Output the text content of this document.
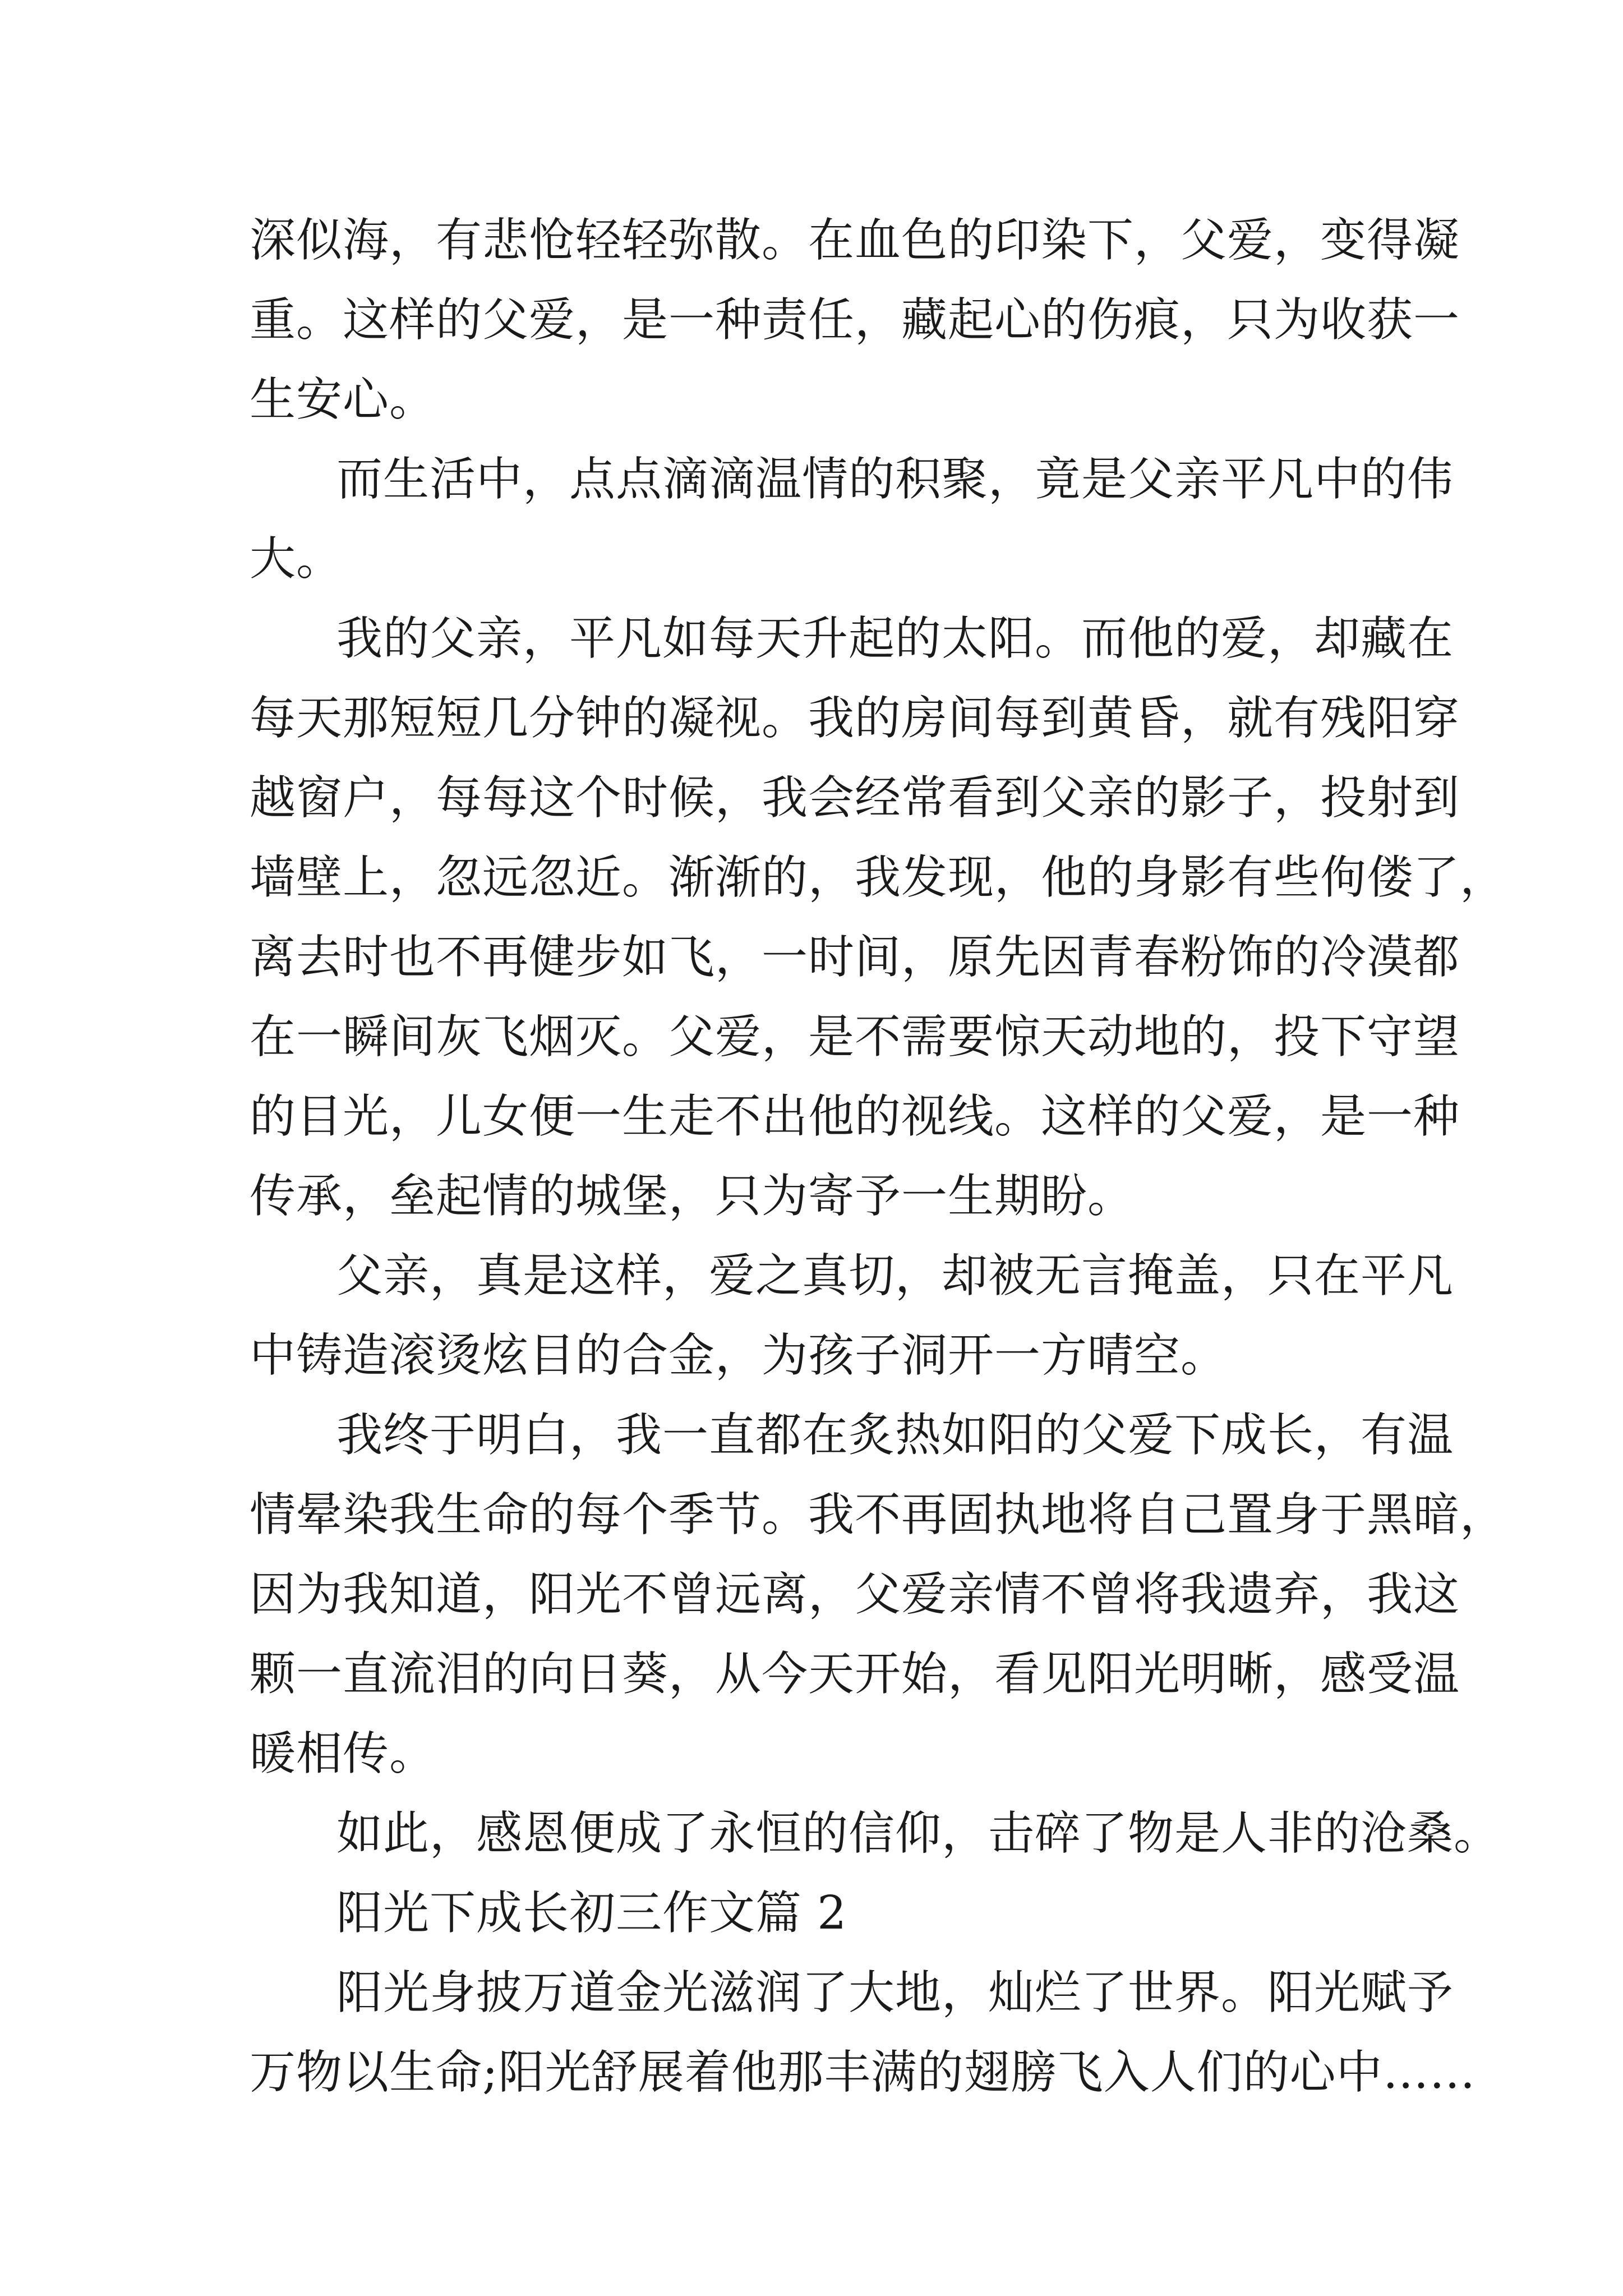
深似海，有悲怆轻轻弥散。在血色的印染下，父爱，变得凝
重。这样的父爱，是一种责任，藏起心的伤痕，只为收获一
生安心。
而生活中，点点滴滴温情的积聚，竟是父亲平凡中的伟
大。
我的父亲，平凡如每天升起的太阳。而他的爱，却藏在
每天那短短几分钟的凝视。我的房间每到黄昏，就有残阳穿
越窗户，每每这个时候，我会经常看到父亲的影子，投射到
墙壁上，忽远忽近。渐渐的，我发现，他的身影有些佝偻了，
离去时也不再健步如飞，一时间，原先因青春粉饰的冷漠都
在一瞬间灰飞烟灭。父爱，是不需要惊天动地的，投下守望
的目光，儿女便一生走不出他的视线。这样的父爱，是一种
传承，垒起情的城堡，只为寄予一生期盼。
父亲，真是这样，爱之真切，却被无言掩盖，只在平凡
中铸造滚烫炫目的合金，为孩子洞开一方晴空。
我终于明白，我一直都在炙热如阳的父爱下成长，有温
情晕染我生命的每个季节。我不再固执地将自己置身于黑暗，
因为我知道，阳光不曾远离，父爱亲情不曾将我遗弃，我这
颗一直流泪的向日葵，从今天开始，看见阳光明晰，感受温
暖相传。
如此，感恩便成了永恒的信仰，击碎了物是人非的沧桑。
阳光下成长初三作文篇 2
阳光身披万道金光滋润了大地，灿烂了世界。阳光赋予
万物以生命;阳光舒展着他那丰满的翅膀飞入人们的心中……
